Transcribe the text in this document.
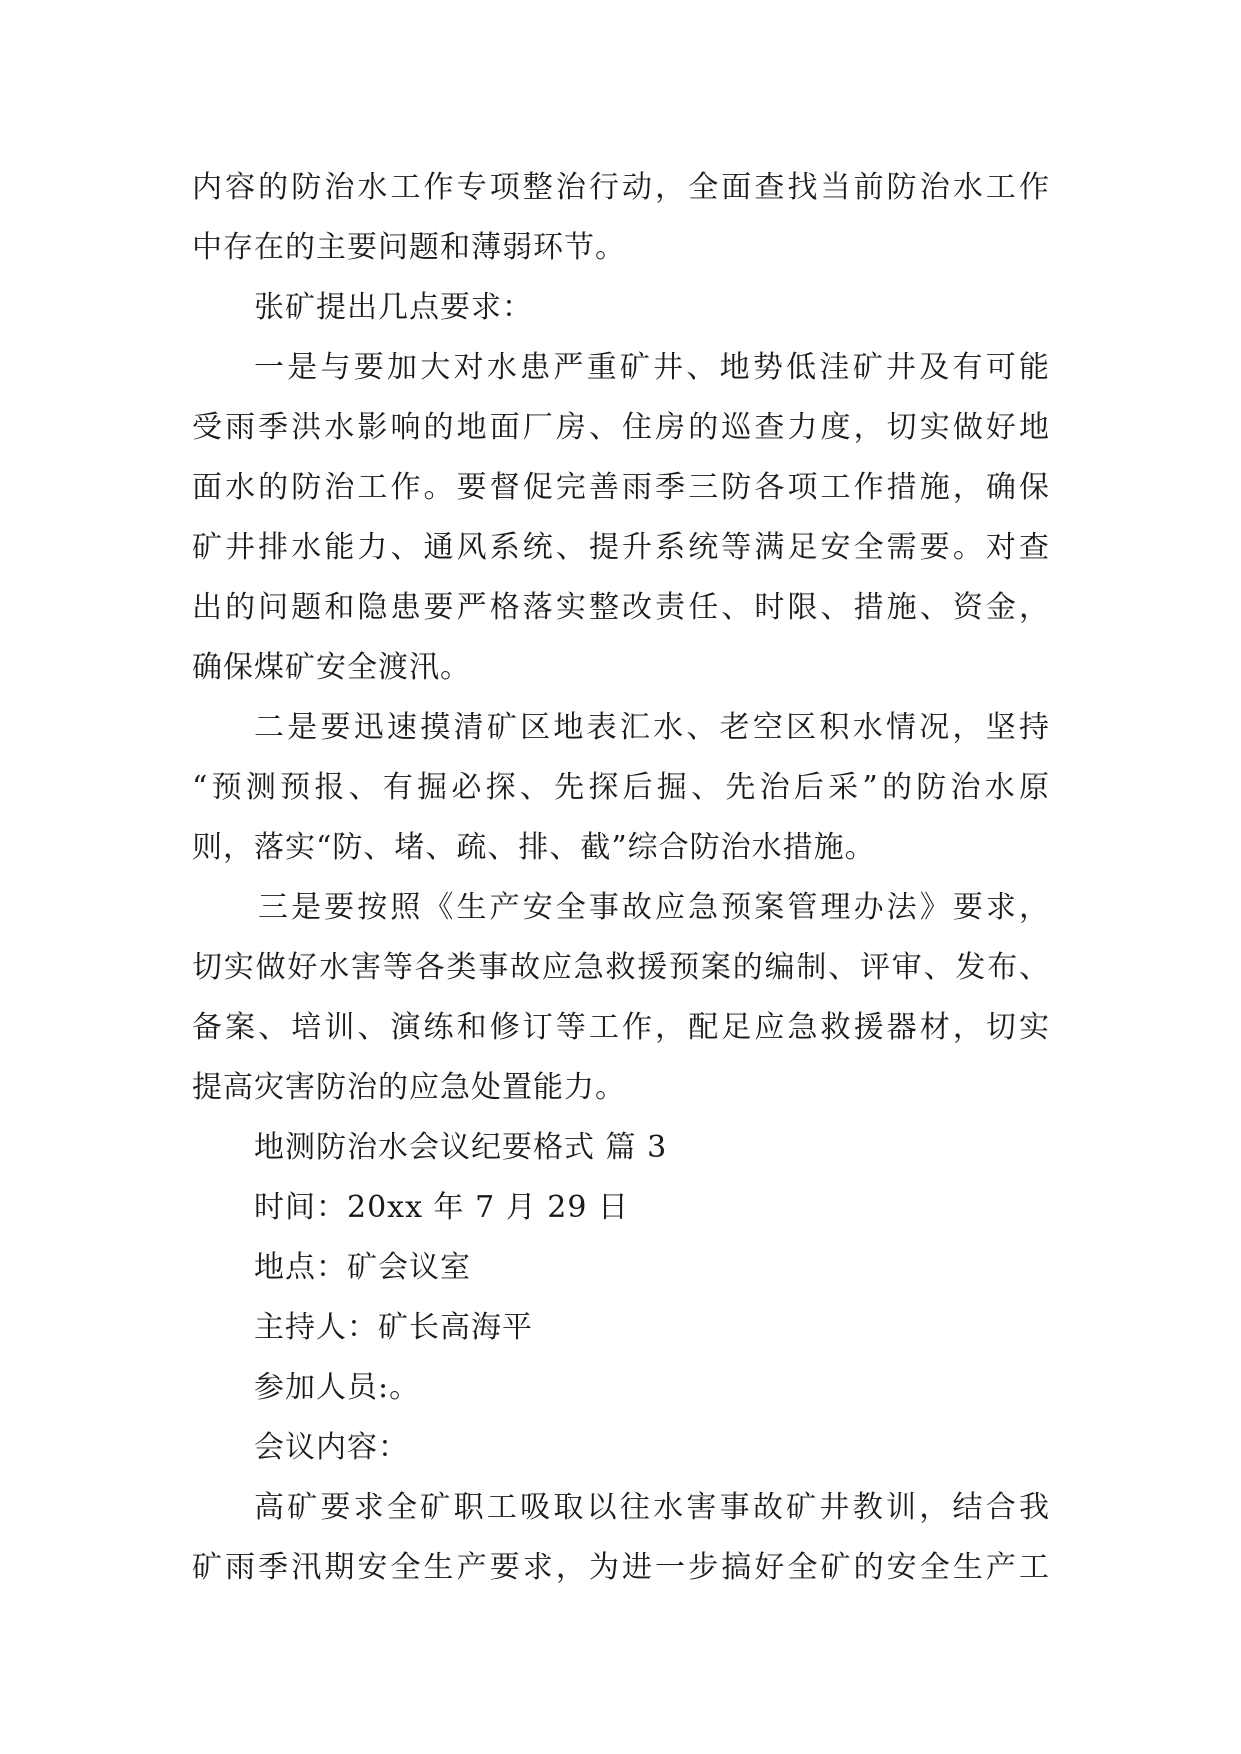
内容的防治水工作专项整治行动，全面查找当前防治水工作
中存在的主要问题和薄弱环节。
张矿提出几点要求：
一是与要加大对水患严重矿井、地势低洼矿井及有可能
受雨季洪水影响的地面厂房、住房的巡查力度，切实做好地
面水的防治工作。要督促完善雨季三防各项工作措施，确保
矿井排水能力、通风系统、提升系统等满足安全需要。对查
出的问题和隐患要严格落实整改责任、时限、措施、资金，
确保煤矿安全渡汛。
二是要迅速摸清矿区地表汇水、老空区积水情况，坚持
“预测预报、有掘必探、先探后掘、先治后采”的防治水原
则，落实“防、堵、疏、排、截”综合防治水措施。
三是要按照《生产安全事故应急预案管理办法》要求，
切实做好水害等各类事故应急救援预案的编制、评审、发布、
备案、培训、演练和修订等工作，配足应急救援器材，切实
提高灾害防治的应急处置能力。
地测防治水会议纪要格式 篇 3
时间：20xx 年 7 月 29 日
地点：矿会议室
主持人：矿长高海平
参加人员:。
会议内容：
高矿要求全矿职工吸取以往水害事故矿井教训，结合我
矿雨季汛期安全生产要求，为进一步搞好全矿的安全生产工
